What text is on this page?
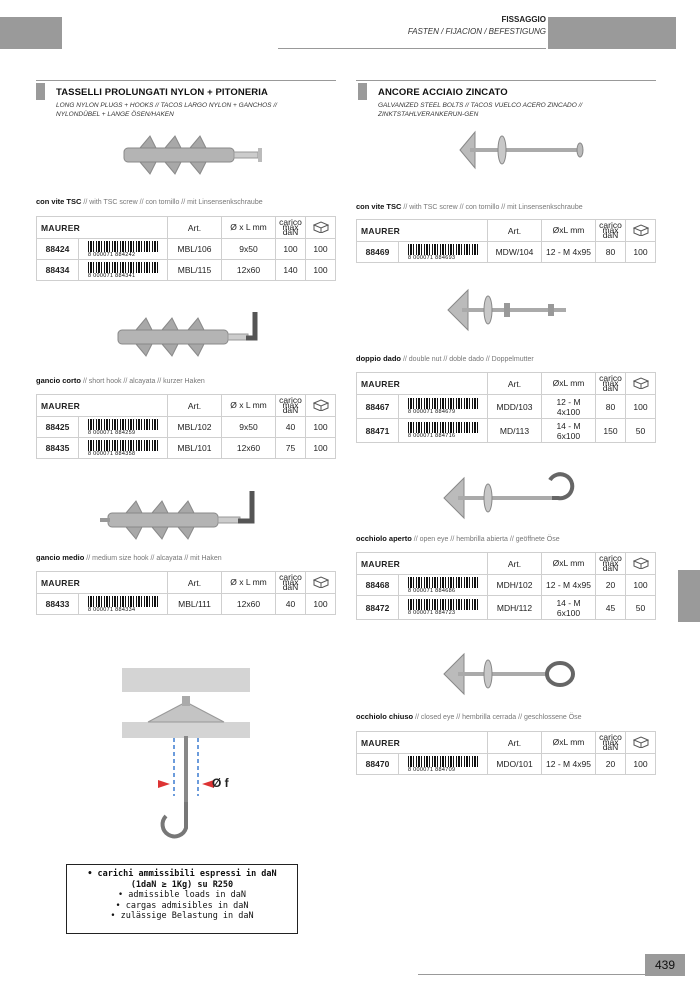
FISSAGGIO
FASTEN / FIJACION / BEFESTIGUNG
TASSELLI PROLUNGATI NYLON + PITONERIA
LONG NYLON PLUGS + HOOKS // TACOS LARGO NYLON + GANCHOS // NYLONDÜBEL + LANGE ÖSEN/HAKEN
ANCORE ACCIAIO ZINCATO
GALVANIZED STEEL BOLTS // TACOS VUELCO ACERO ZINCADO // ZINKTSTAHLVERANKERUN-GEN
Ø f
con vite TSC // with TSC screw // con tornillo // mit Linsensenkschraube
gancio corto // short hook // alcayata // kurzer Haken
gancio medio // medium size hook // alcayata // mit Haken
con vite TSC // with TSC screw // con tornillo // mit Linsensenkschraube
doppio dado // double nut // doble dado // Doppelmutter
occhiolo aperto // open eye // hembrilla abierta // geöffnete Öse
occhiolo chiuso // closed eye // hembrilla cerrada // geschlossene Öse
MAURER		Art.	Ø x L mm	carico max daN	
88424	8 000071 884242	MBL/106	9x50	100	100
88434	8 000071 884341	MBL/115	12x60	140	100
MAURER		Art.	Ø x L mm	carico max daN	
88425	8 000071 884259	MBL/102	9x50	40	100
88435	8 000071 884358	MBL/101	12x60	75	100
MAURER		Art.	Ø x L mm	carico max daN	
88433	8 000071 884334	MBL/111	12x60	40	100
MAURER		Art.	ØxL mm	carico max daN	
88469	8 000071 884693	MDW/104	12 - M 4x95	80	100
MAURER		Art.	ØxL mm	carico max daN	
88467	8 000071 884679	MDD/103	12 - M 4x100	80	100
88471	8 000071 884716	MD/113	14 - M 6x100	150	50
MAURER		Art.	ØxL mm	carico max daN	
88468	8 000071 884686	MDH/102	12 - M 4x95	20	100
88472	8 000071 884723	MDH/112	14 - M 6x100	45	50
MAURER		Art.	ØxL mm	carico max daN	
88470	8 000071 884709	MDO/101	12 - M 4x95	20	100
• carichi ammissibili espressi in daN
(1daN ≥ 1Kg) su R250
• admissible loads in daN
• cargas admisibles in daN
• zulässige Belastung in daN
439
